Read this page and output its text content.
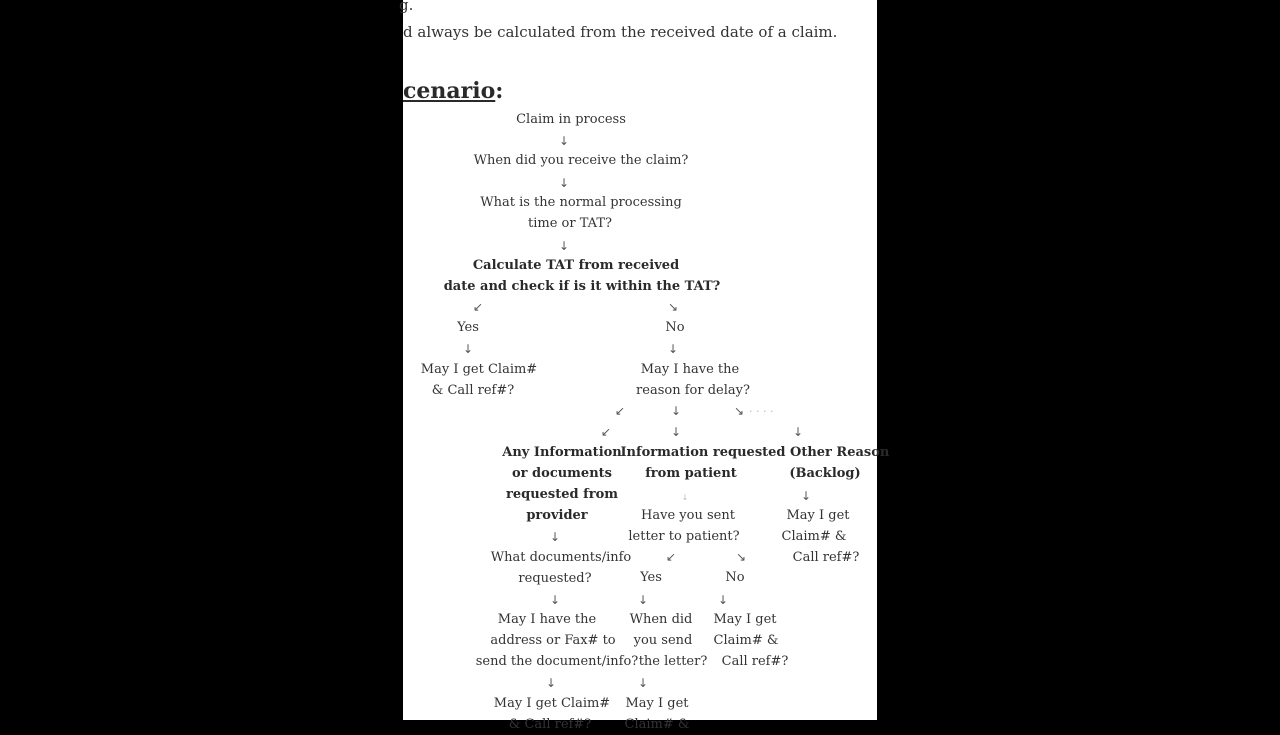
g.
d always be calculated from the received date of a claim.
cenario:
Claim in process
↓
When did you receive the claim?
↓
What is the normal processing
time or TAT?
↓
Calculate TAT from received
date and check if is it within the TAT?
↙	↘
Yes	No
↓	↓
May I get Claim#
& Call ref#?
May I have the
reason for delay?
↙	↓	↘ . . . .
↙	↓	↓
Any Information
or documents
requested from
provider
↓
What documents/info
requested?
↓
May I have the
address or Fax# to
send the document/info?
↓
May I get Claim#
& Call ref#?
Information requested
from patient
↓
Have you sent
letter to patient?
↙	↘
Yes	No
↓	↓
When did
you send
the letter?
↓
May I get
Claim# &
May I get
Claim# &
Call ref#?
Other Reason
(Backlog)
↓
May I get
Claim# &
Call ref#?
